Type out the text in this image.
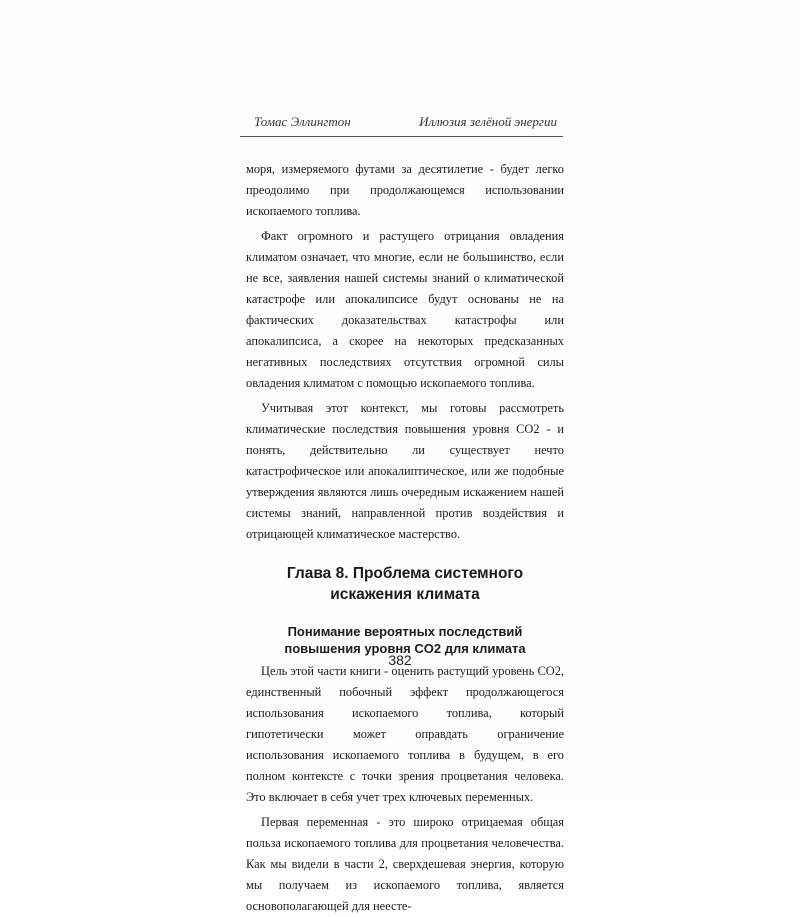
Томас Эллингтон	Иллюзия зелёной энергии

моря, измеряемого футами за десятилетие - будет легко преодолимо при продолжающемся использовании ископаемого топлива.

Факт огромного и растущего отрицания овладения климатом означает, что многие, если не большинство, если не все, заявления нашей системы знаний о климатической катастрофе или апокалипсисе будут основаны не на фактических доказательствах катастрофы или апокалипсиса, а скорее на некоторых предсказанных негативных последствиях отсутствия огромной силы овладения климатом с помощью ископаемого топлива.

Учитывая этот контекст, мы готовы рассмотреть климатические последствия повышения уровня CO2 - и понять, действительно ли существует нечто катастрофическое или апокалиптическое, или же подобные утверждения являются лишь очередным искажением нашей системы знаний, направленной против воздействия и отрицающей климатическое мастерство.

Глава 8. Проблема системного
искажения климата
Понимание вероятных последствий
повышения уровня CO2 для климата

Цель этой части книги - оценить растущий уровень CO2, единственный побочный эффект продолжающегося использования ископаемого топлива, который гипотетически может оправдать ограничение использования ископаемого топлива в будущем, в его полном контексте с точки зрения процветания человека. Это включает в себя учет трех ключевых переменных.

Первая переменная - это широко отрицаемая общая польза ископаемого топлива для процветания человечества. Как мы видели в части 2, сверхдешевая энергия, которую мы получаем из ископаемого топлива, является основополагающей для неесте-

382
